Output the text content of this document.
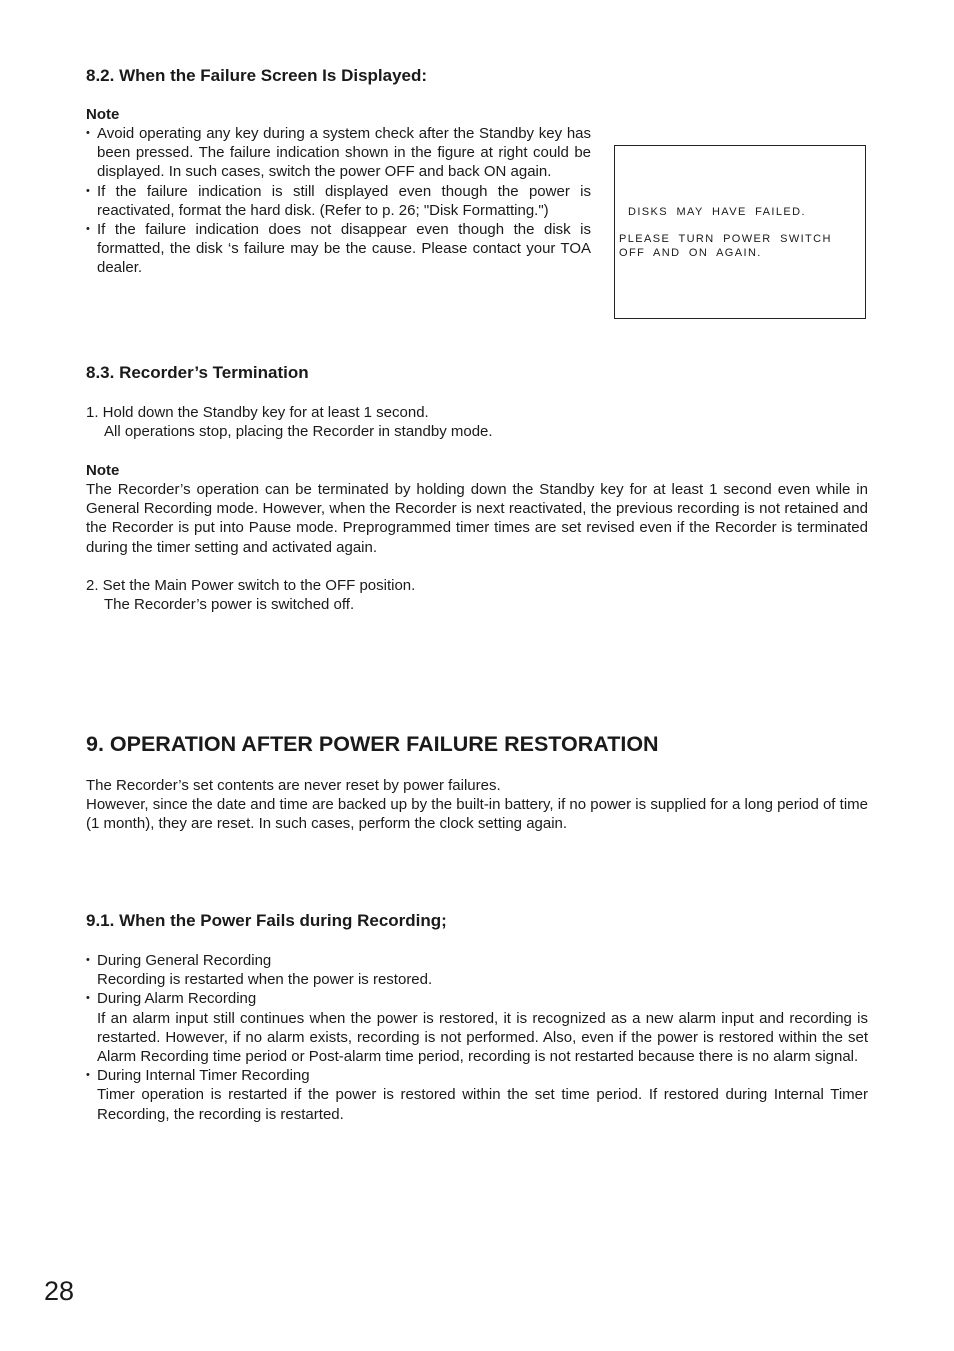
8.2. When the Failure Screen Is Displayed:
Note

• Avoid operating any key during a system check after the Standby key has been pressed. The failure indication shown in the figure at right could be displayed. In such cases, switch the power OFF and back ON again.

• If the failure indication is still displayed even though the power is reactivated, format the hard disk. (Refer to p. 26; "Disk Formatting.")

• If the failure indication does not disappear even though the disk is formatted, the disk ‘s failure may be the cause. Please contact your TOA dealer.

DISKS MAY HAVE FAILED.
PLEASE TURN POWER SWITCH
OFF AND ON AGAIN.
8.3. Recorder’s Termination
1. Hold down the Standby key for at least 1 second.
All operations stop, placing the Recorder in standby mode.
Note
The Recorder’s operation can be terminated by holding down the Standby key for at least 1 second even while in General Recording mode. However, when the Recorder is next reactivated, the previous recording is not retained and the Recorder is put into Pause mode. Preprogrammed timer times are set revised even if the Recorder is terminated during the timer setting and activated again.
2. Set the Main Power switch to the OFF position.
The Recorder’s power is switched off.
9. OPERATION AFTER POWER FAILURE RESTORATION
The Recorder’s set contents are never reset by power failures.
However, since the date and time are backed up by the built-in battery, if no power is supplied for a long period of time (1 month), they are reset. In such cases, perform the clock setting again.
9.1. When the Power Fails during Recording;
• During General Recording
Recording is restarted when the power is restored.
• During Alarm Recording
If an alarm input still continues when the power is restored, it is recognized as a new alarm input and recording is restarted. However, if no alarm exists, recording is not performed. Also, even if the power is restored within the set Alarm Recording time period or Post-alarm time period, recording is not restarted because there is no alarm signal.
• During Internal Timer Recording
Timer operation is restarted if the power is restored within the set time period. If restored during Internal Timer Recording, the recording is restarted.
28
